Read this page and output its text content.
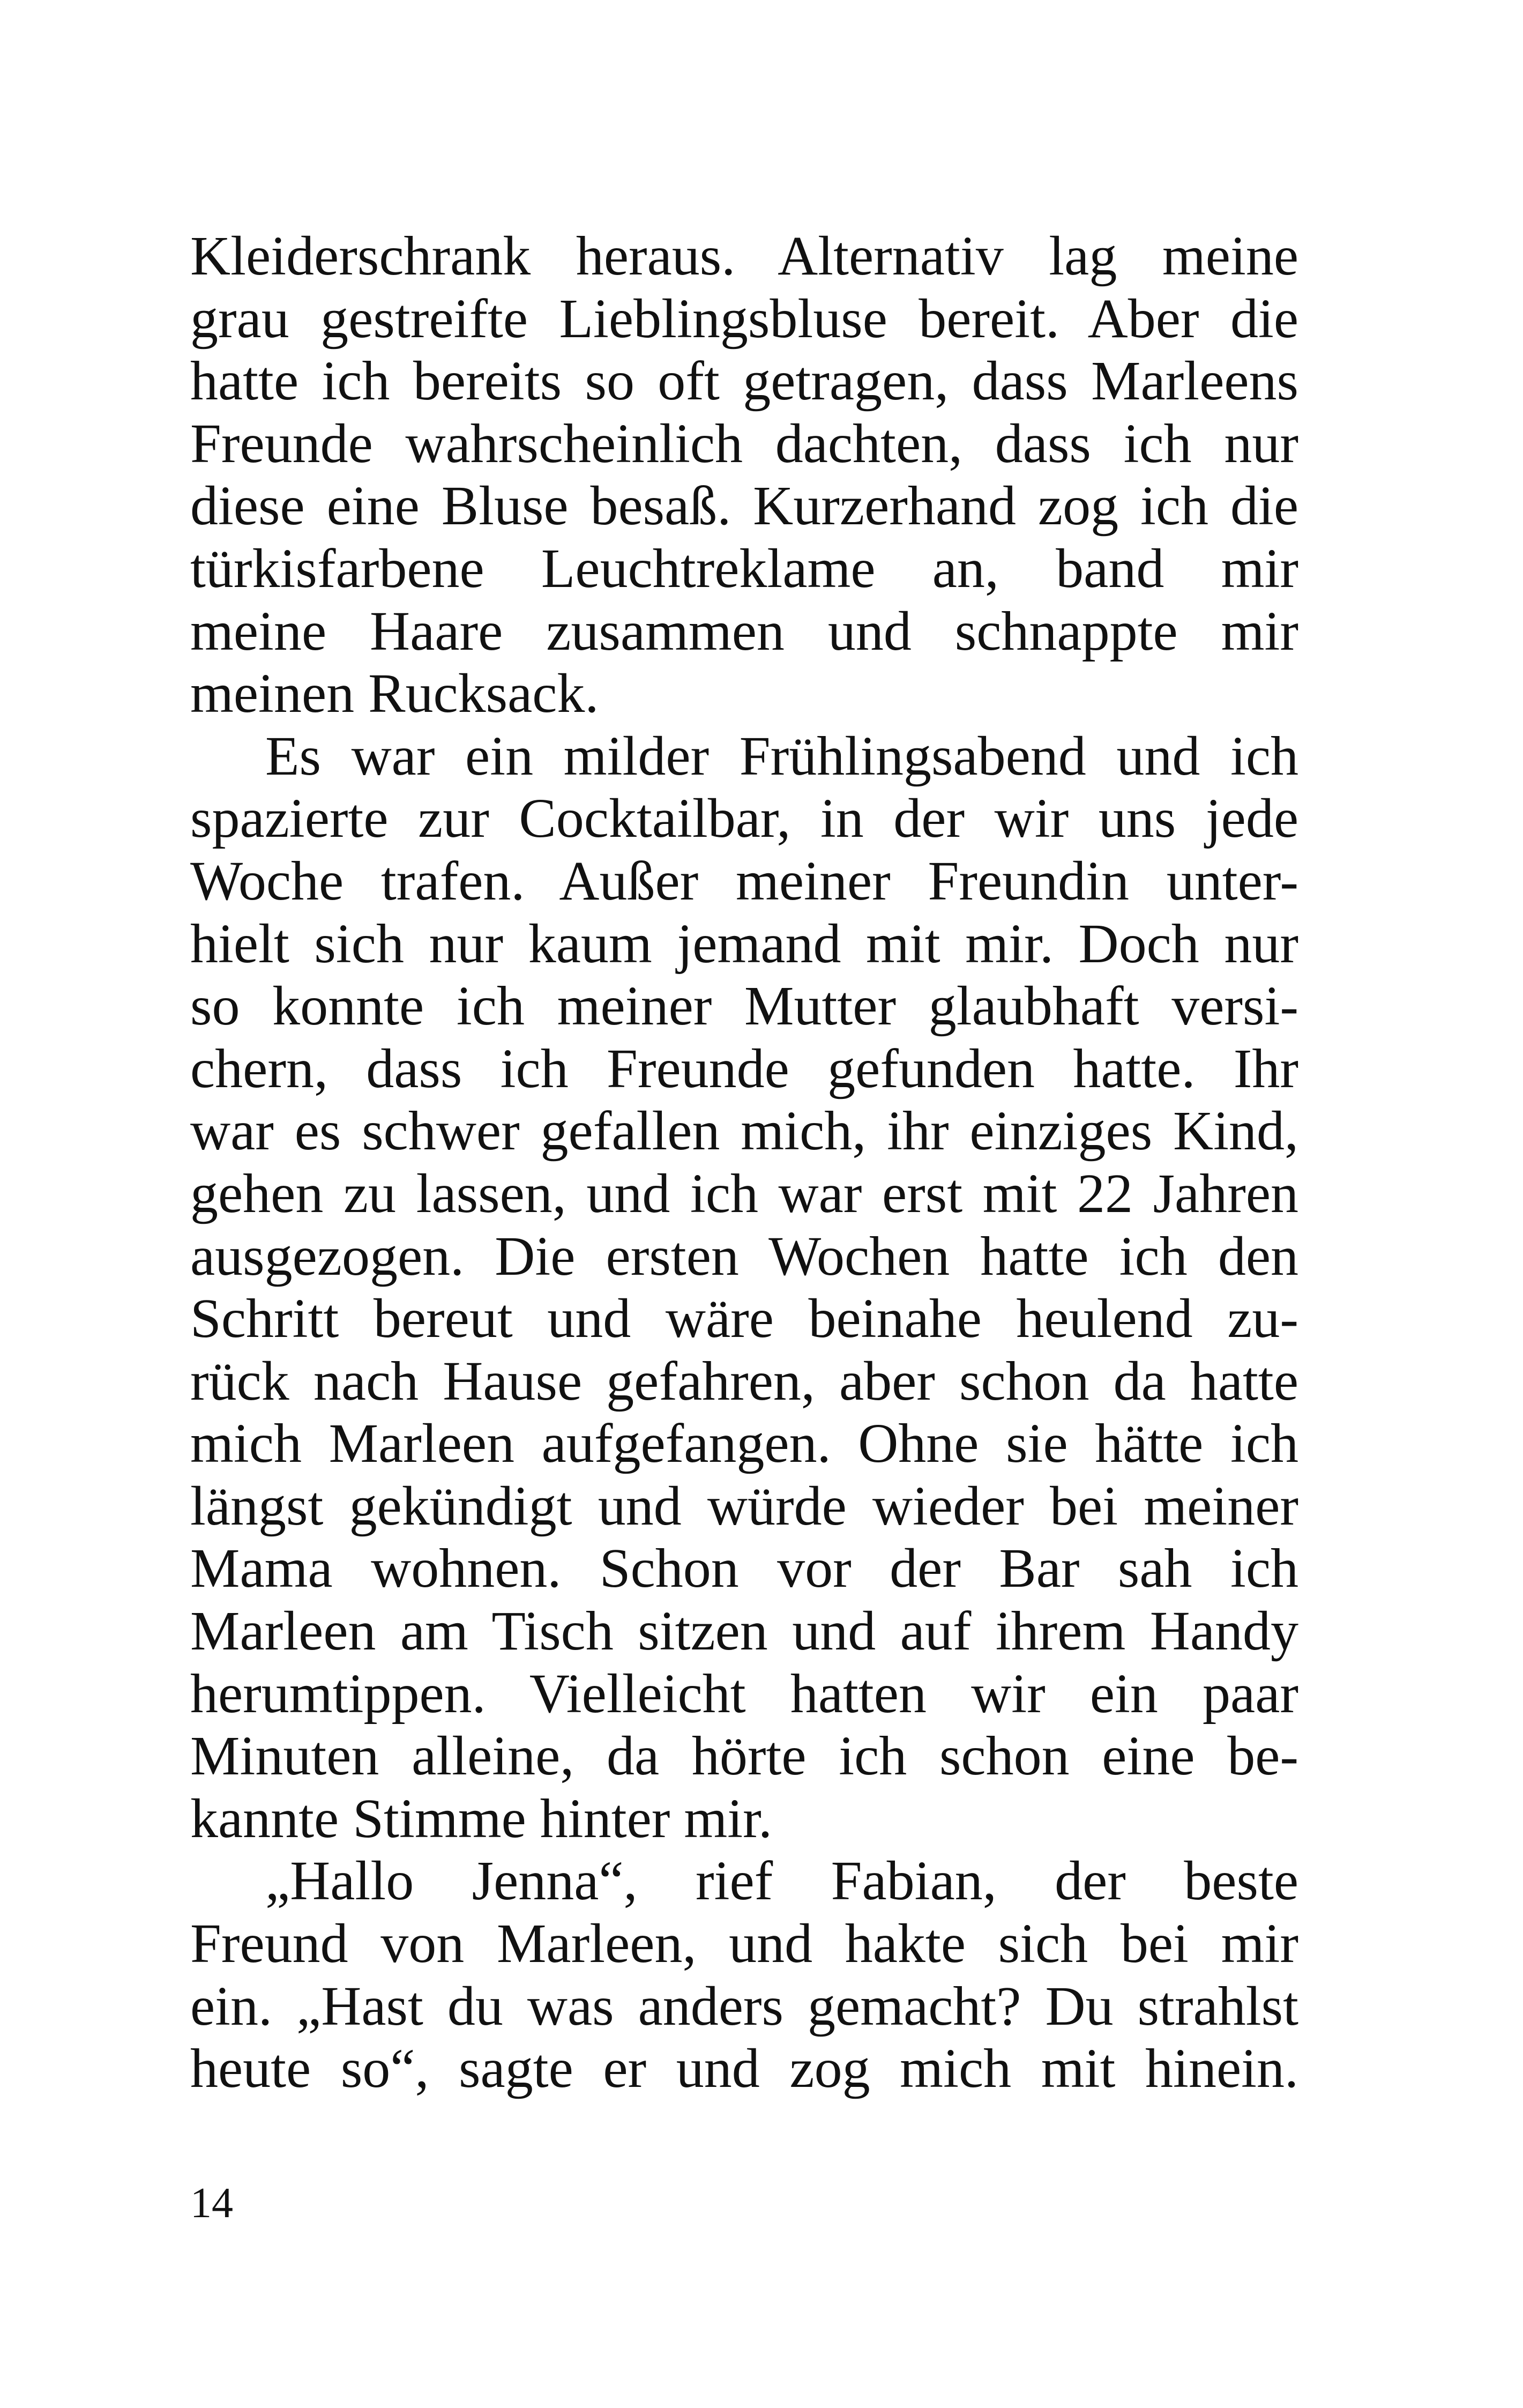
Kleiderschrank heraus. Alternativ lag meine
grau gestreifte Lieblingsbluse bereit. Aber die
hatte ich bereits so oft getragen, dass Marleens
Freunde wahrscheinlich dachten, dass ich nur
diese eine Bluse besaß. Kurzerhand zog ich die
türkisfarbene Leuchtreklame an, band mir
meine Haare zusammen und schnappte mir
meinen Rucksack.
Es war ein milder Frühlingsabend und ich
spazierte zur Cocktailbar, in der wir uns jede
Woche trafen. Außer meiner Freundin unter-
hielt sich nur kaum jemand mit mir. Doch nur
so konnte ich meiner Mutter glaubhaft versi-
chern, dass ich Freunde gefunden hatte. Ihr
war es schwer gefallen mich, ihr einziges Kind,
gehen zu lassen, und ich war erst mit 22 Jahren
ausgezogen. Die ersten Wochen hatte ich den
Schritt bereut und wäre beinahe heulend zu-
rück nach Hause gefahren, aber schon da hatte
mich Marleen aufgefangen. Ohne sie hätte ich
längst gekündigt und würde wieder bei meiner
Mama wohnen. Schon vor der Bar sah ich
Marleen am Tisch sitzen und auf ihrem Handy
herumtippen. Vielleicht hatten wir ein paar
Minuten alleine, da hörte ich schon eine be-
kannte Stimme hinter mir.
„Hallo Jenna“, rief Fabian, der beste
Freund von Marleen, und hakte sich bei mir
ein. „Hast du was anders gemacht? Du strahlst
heute so“, sagte er und zog mich mit hinein.
14
